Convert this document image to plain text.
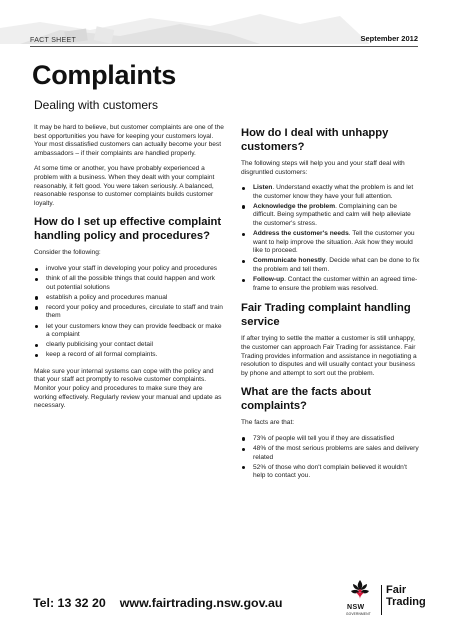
FACT SHEET	September 2012
Complaints
Dealing with customers

It may be hard to believe, but customer complaints are one of the best opportunities you have for keeping your customers loyal. Your most dissatisfied customers can actually become your best ambassadors – if their complaints are handled properly.

At some time or another, you have probably experienced a problem with a business. When they dealt with your complaint reasonably, it felt good. You were taken seriously. A balanced, reasonable response to customer complaints builds customer loyalty.

How do I set up effective complaint handling policy and procedures?

Consider the following:

involve your staff in developing your policy and procedures
think of all the possible things that could happen and work out potential solutions
establish a policy and procedures manual
record your policy and procedures, circulate to staff and train them
let your customers know they can provide feedback or make a complaint
clearly publicising your contact detail
keep a record of all formal complaints.

Make sure your internal systems can cope with the policy and that your staff act promptly to resolve customer complaints. Monitor your policy and procedures to make sure they are working effectively. Regularly review your manual and update as necessary.

How do I deal with unhappy customers?

The following steps will help you and your staff deal with disgruntled customers:

Listen. Understand exactly what the problem is and let the customer know they have your full attention.
Acknowledge the problem. Complaining can be difficult. Being sympathetic and calm will help alleviate the customer's stress.
Address the customer's needs. Tell the customer you want to help improve the situation. Ask how they would like to proceed.
Communicate honestly. Decide what can be done to fix the problem and tell them.
Follow-up. Contact the customer within an agreed time-frame to ensure the problem was resolved.
Fair Trading complaint handling service

If after trying to settle the matter a customer is still unhappy, the customer can approach Fair Trading for assistance. Fair Trading provides information and assistance in negotiating a resolution to disputes and will usually contact your business by phone and attempt to sort out the problem.

What are the facts about complaints?

The facts are that:

73% of people will tell you if they are dissatisfied
48% of the most serious problems are sales and delivery related
52% of those who don't complain believed it wouldn't help to contact you.
Tel: 13 32 20 www.fairtrading.nsw.gov.au	NSW
GOVERNMENT
Fair
Trading
